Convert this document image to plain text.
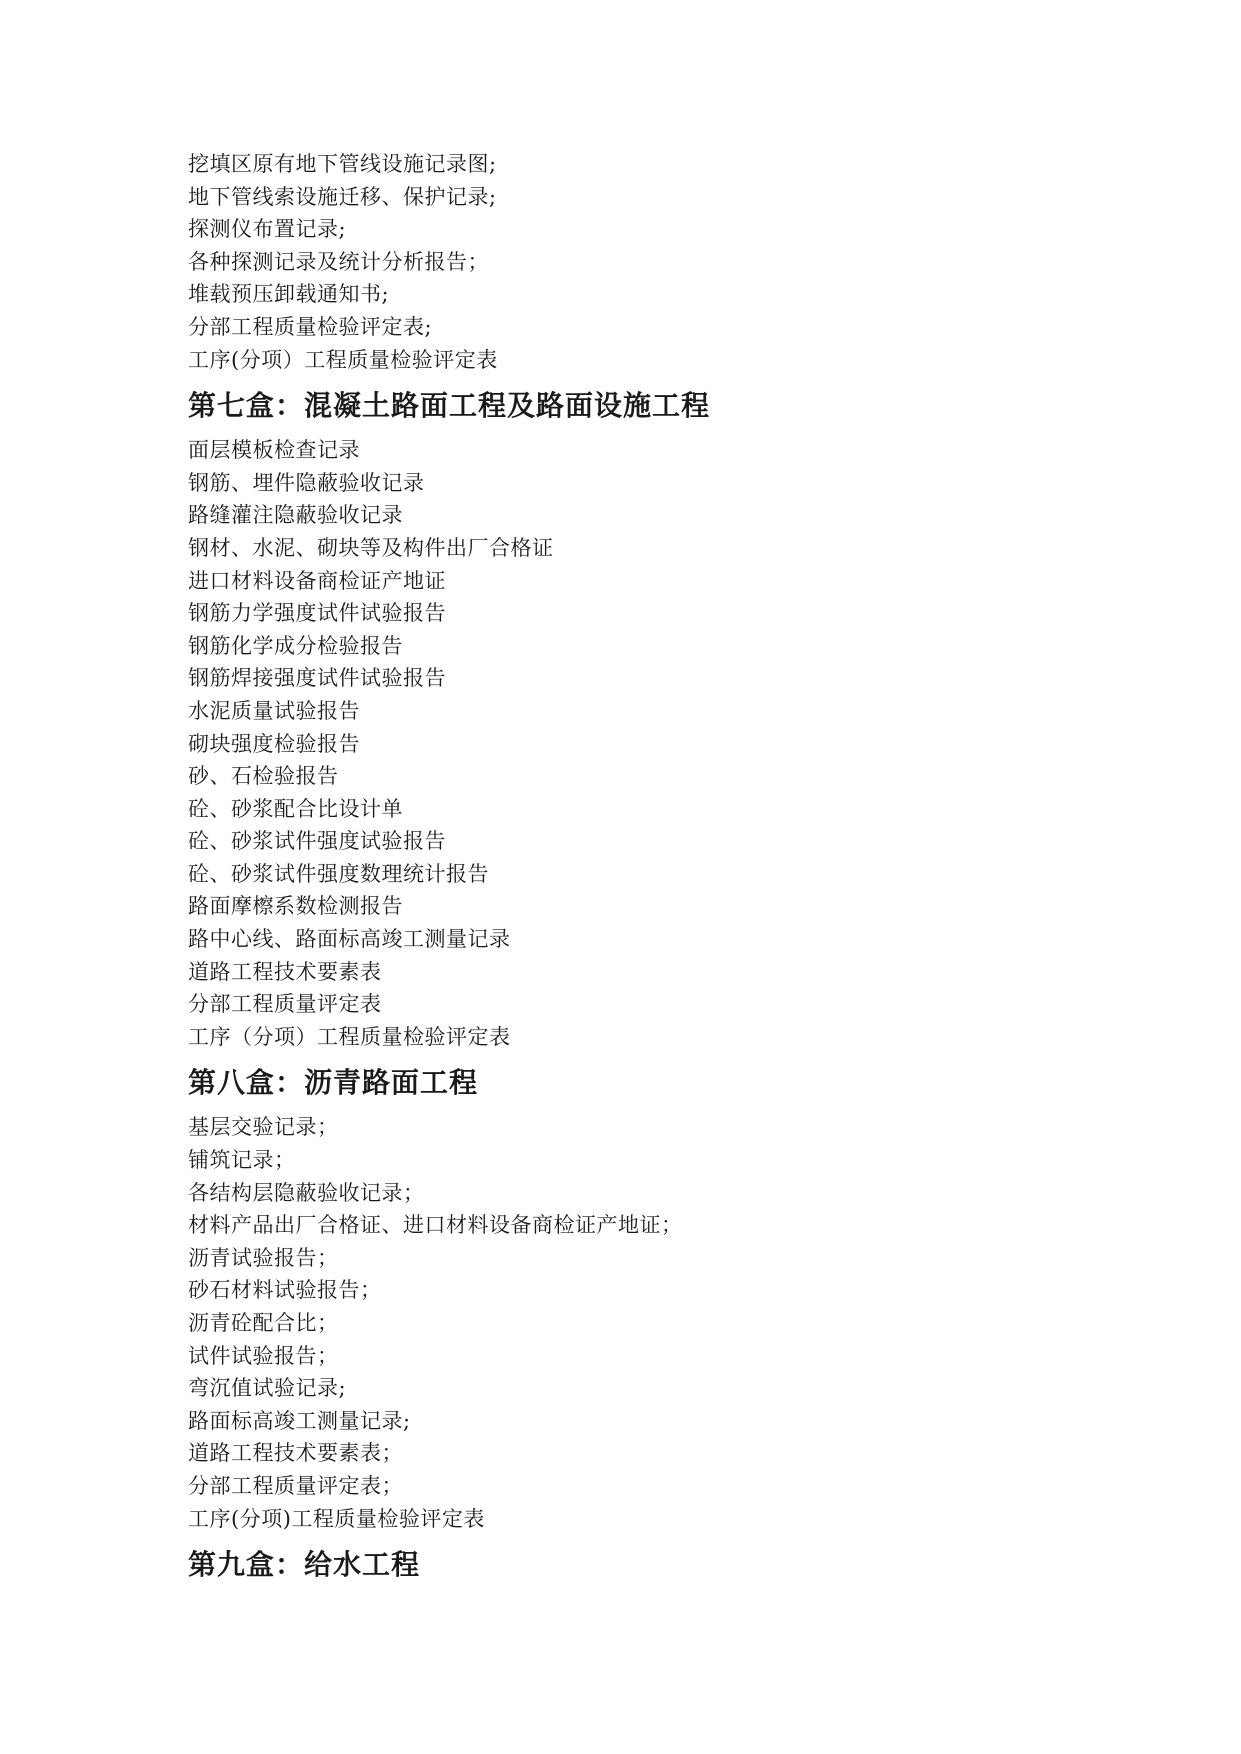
挖填区原有地下管线设施记录图;
地下管线索设施迁移、保护记录;
探测仪布置记录;
各种探测记录及统计分析报告；
堆载预压卸载通知书;
分部工程质量检验评定表;
工序(分项）工程质量检验评定表
第七盒：混凝土路面工程及路面设施工程
面层模板检查记录
钢筋、埋件隐蔽验收记录
路缝灌注隐蔽验收记录
钢材、水泥、砌块等及构件出厂合格证
进口材料设备商检证产地证
钢筋力学强度试件试验报告
钢筋化学成分检验报告
钢筋焊接强度试件试验报告
水泥质量试验报告
砌块强度检验报告
砂、石检验报告
砼、砂浆配合比设计单
砼、砂浆试件强度试验报告
砼、砂浆试件强度数理统计报告
路面摩檫系数检测报告
路中心线、路面标高竣工测量记录
道路工程技术要素表
分部工程质量评定表
工序（分项）工程质量检验评定表
第八盒：沥青路面工程
基层交验记录；
铺筑记录；
各结构层隐蔽验收记录；
材料产品出厂合格证、进口材料设备商检证产地证；
沥青试验报告；
砂石材料试验报告；
沥青砼配合比；
试件试验报告；
弯沉值试验记录;
路面标高竣工测量记录;
道路工程技术要素表；
分部工程质量评定表；
工序(分项)工程质量检验评定表
第九盒：给水工程
